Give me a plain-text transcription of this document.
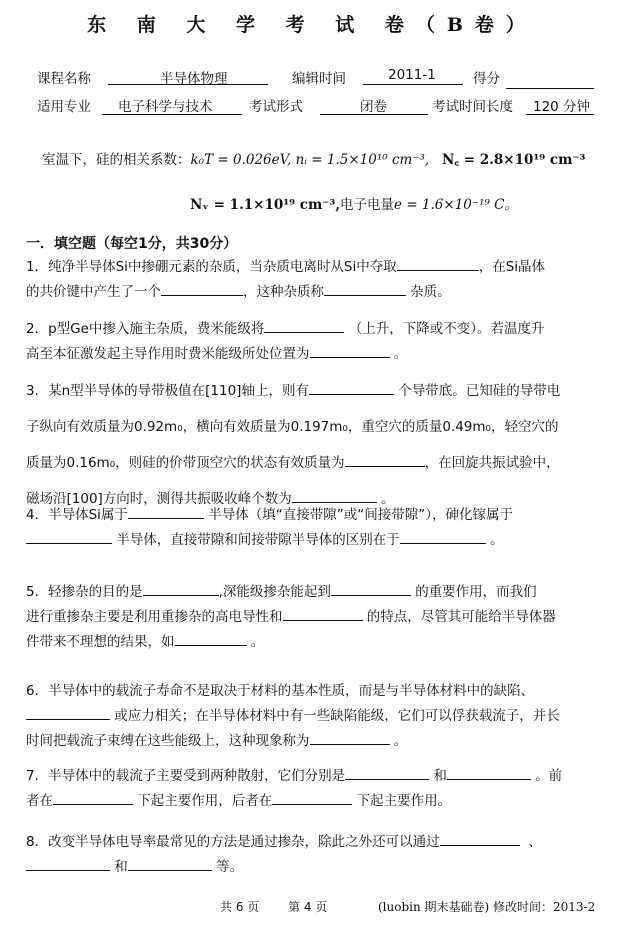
东 南 大 学 考 试 卷（B卷）
课程名称	半导体物理	编辑时间	2011-1	得分
适用专业 电子科学与技术	考试形式	闭卷	考试时间长度 120 分钟
室温下，硅的相关系数：k₀T = 0.026eV, nᵢ = 1.5×10¹⁰ cm⁻³, N꜀ = 2.8×10¹⁹ cm⁻³
Nᵥ = 1.1×10¹⁹ cm⁻³,电子电量e = 1.6×10⁻¹⁹ C。
一．填空题（每空1分，共30分）
1．纯净半导体Si中掺硼元素的杂质，当杂质电离时从Si中夺取	，在Si晶体
的共价键中产生了一个	，这种杂质称	杂质。
2．p型Ge中掺入施主杂质，费米能级将	（上升，下降或不变）。若温度升
高至本征激发起主导作用时费米能级所处位置为	。
3．某n型半导体的导带极值在[110]轴上，则有	个导带底。已知硅的导带电
子纵向有效质量为0.92m₀，横向有效质量为0.197m₀，重空穴的质量0.49m₀，轻空穴的
质量为0.16m₀，则硅的价带顶空穴的状态有效质量为	，在回旋共振试验中，
磁场沿[100]方向时，测得共振吸收峰个数为	。
4．半导体Si属于	半导体（填“直接带隙”或“间接带隙”），砷化镓属于
半导体，直接带隙和间接带隙半导体的区别在于	。
5．轻掺杂的目的是	,深能级掺杂能起到	的重要作用，而我们
进行重掺杂主要是利用重掺杂的高电导性和	的特点，尽管其可能给半导体器
件带来不理想的结果，如	。
6．半导体中的载流子寿命不是取决于材料的基本性质，而是与半导体材料中的缺陷、
或应力相关；在半导体材料中有一些缺陷能级，它们可以俘获载流子，并长
时间把载流子束缚在这些能级上，这种现象称为	。
7．半导体中的载流子主要受到两种散射，它们分别是	和	。前
者在	下起主要作用，后者在	下起主要作用。
8．改变半导体电导率最常见的方法是通过掺杂，除此之外还可以通过	、
和	等。
共 6 页 第 4 页	(luobin 期末基础卷) 修改时间：2013-2
